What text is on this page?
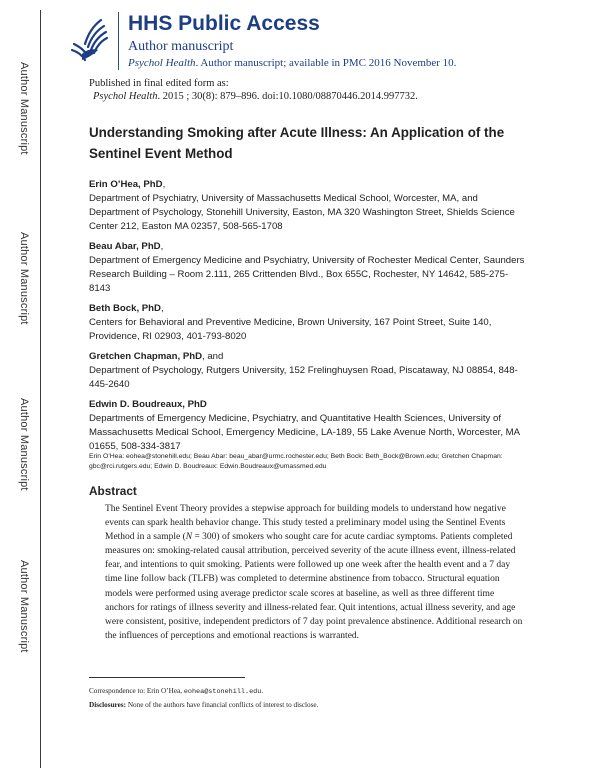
Author Manuscript
Author Manuscript
Author Manuscript
Author Manuscript
HHS Public Access
Author manuscript
Psychol Health. Author manuscript; available in PMC 2016 November 10.
Published in final edited form as:
Psychol Health. 2015 ; 30(8): 879–896. doi:10.1080/08870446.2014.997732.
Understanding Smoking after Acute Illness: An Application of the Sentinel Event Method
Erin O’Hea, PhD,
Department of Psychiatry, University of Massachusetts Medical School, Worcester, MA, and Department of Psychology, Stonehill University, Easton, MA 320 Washington Street, Shields Science Center 212, Easton MA 02357, 508-565-1708
Beau Abar, PhD,
Department of Emergency Medicine and Psychiatry, University of Rochester Medical Center, Saunders Research Building – Room 2.111, 265 Crittenden Blvd., Box 655C, Rochester, NY 14642, 585-275-8143
Beth Bock, PhD,
Centers for Behavioral and Preventive Medicine, Brown University, 167 Point Street, Suite 140, Providence, RI 02903, 401-793-8020
Gretchen Chapman, PhD, and
Department of Psychology, Rutgers University, 152 Frelinghuysen Road, Piscataway, NJ 08854, 848-445-2640
Edwin D. Boudreaux, PhD
Departments of Emergency Medicine, Psychiatry, and Quantitative Health Sciences, University of Massachusetts Medical School, Emergency Medicine, LA-189, 55 Lake Avenue North, Worcester, MA 01655, 508-334-3817
Erin O’Hea: eohea@stonehill.edu; Beau Abar: beau_abar@urmc.rochester.edu; Beth Bock: Beth_Bock@Brown.edu; Gretchen Chapman: gbc@rci.rutgers.edu; Edwin D. Boudreaux: Edwin.Boudreaux@umassmed.edu
Abstract
The Sentinel Event Theory provides a stepwise approach for building models to understand how negative events can spark health behavior change. This study tested a preliminary model using the Sentinel Events Method in a sample (N = 300) of smokers who sought care for acute cardiac symptoms. Patients completed measures on: smoking-related causal attribution, perceived severity of the acute illness event, illness-related fear, and intentions to quit smoking. Patients were followed up one week after the health event and a 7 day time line follow back (TLFB) was completed to determine abstinence from tobacco. Structural equation models were performed using average predictor scale scores at baseline, as well as three different time anchors for ratings of illness severity and illness-related fear. Quit intentions, actual illness severity, and age were consistent, positive, independent predictors of 7 day point prevalence abstinence. Additional research on the influences of perceptions and emotional reactions is warranted.
Correspondence to: Erin O’Hea, eohea@stonehill.edu.
Disclosures: None of the authors have financial conflicts of interest to disclose.
